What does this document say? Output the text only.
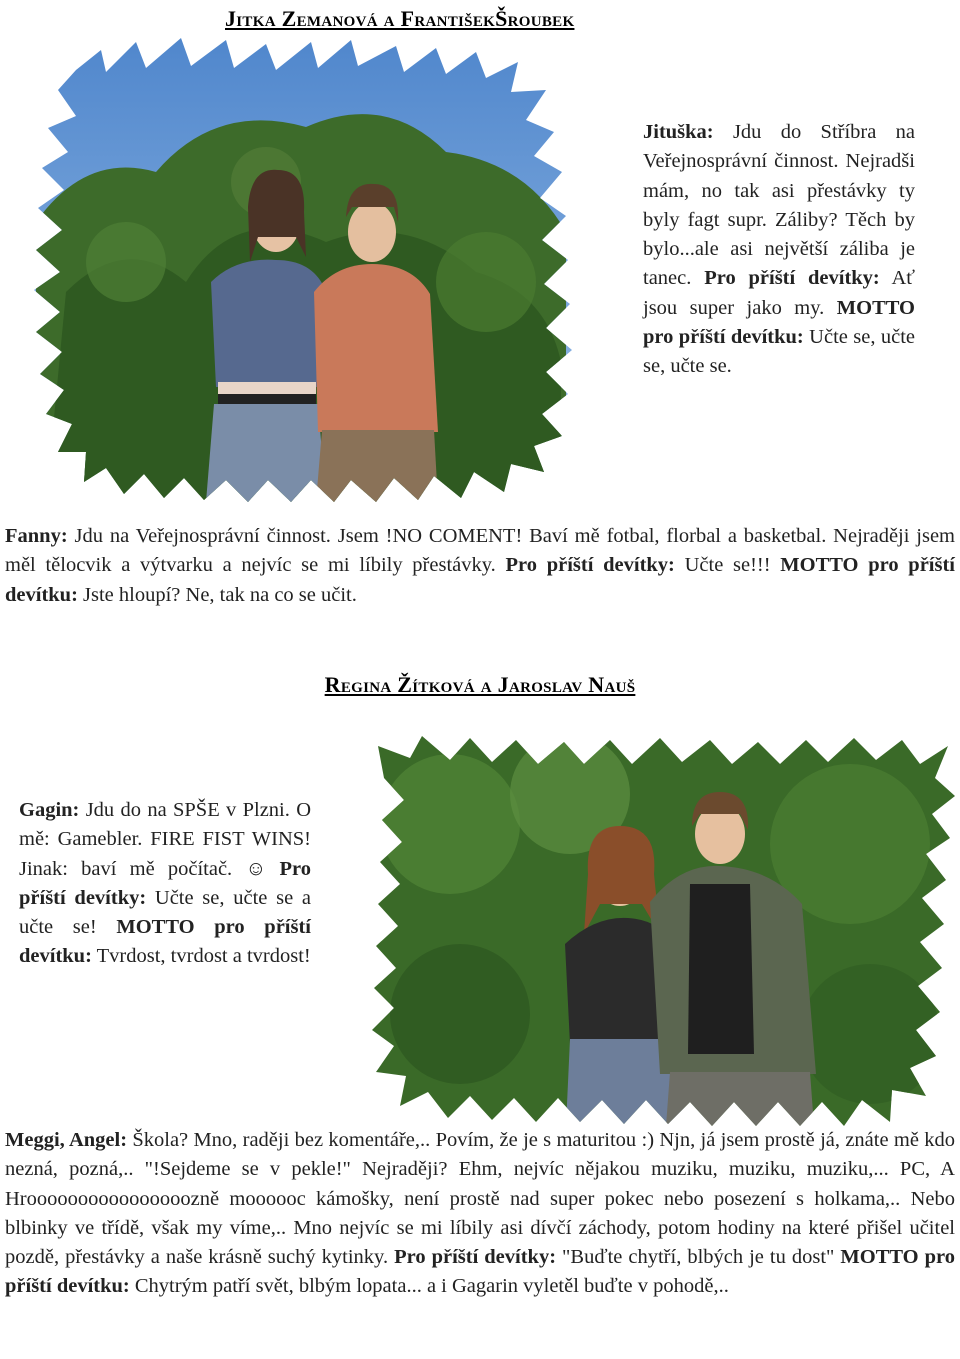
Jitka Zemanová a FrantišekŠroubek
Jituška: Jdu do Stříbra na Veřejnosprávní činnost. Nejradši mám, no tak asi přestávky ty byly fagt supr. Záliby? Těch by bylo...ale asi největší záliba je tanec. Pro příští devítky: Ať jsou super jako my. MOTTO pro příští devítku: Učte se, učte se, učte se.
Fanny: Jdu na Veřejnosprávní činnost. Jsem !NO COMENT! Baví mě fotbal, florbal a basketbal. Nejraději jsem měl tělocvik a výtvarku a nejvíc se mi líbily přestávky. Pro příští devítky: Učte se!!! MOTTO pro příští devítku: Jste hloupí? Ne, tak na co se učit.
Regina Žítková a Jaroslav Nauš
Gagin: Jdu do na SPŠE v Plzni. O mě: Gamebler. FIRE FIST WINS! Jinak: baví mě počítač. ☺ Pro příští devítky: Učte se, učte se a učte se! MOTTO pro příští devítku: Tvrdost, tvrdost a tvrdost!
Meggi, Angel: Škola? Mno, raději bez komentáře,.. Povím, že je s maturitou :) Njn, já jsem prostě já, znáte mě kdo nezná, pozná,.. "!Sejdeme se v pekle!" Nejraději? Ehm, nejvíc nějakou muziku, muziku, muziku,... PC, A Hroooooooooooooooozně moooooc kámošky, není prostě nad super pokec nebo posezení s holkama,.. Nebo blbinky ve třídě, však my víme,.. Mno nejvíc se mi líbily asi dívčí záchody, potom hodiny na které přišel učitel pozdě, přestávky a naše krásně suchý kytinky. Pro příští devítky: "Buďte chytří, blbých je tu dost" MOTTO pro příští devítku: Chytrým patří svět, blbým lopata... a i Gagarin vyletěl buďte v pohodě,..
